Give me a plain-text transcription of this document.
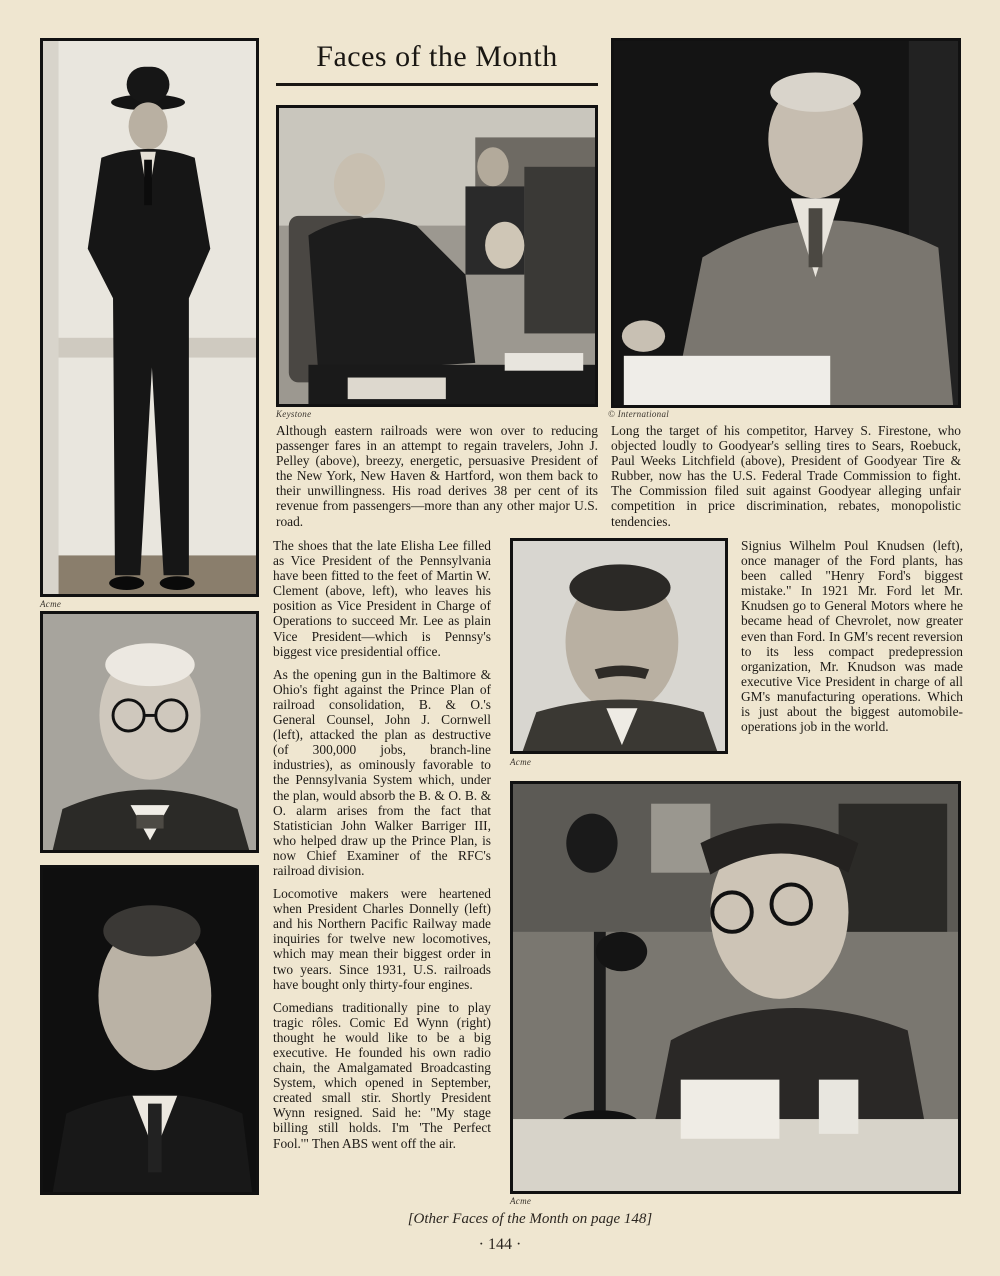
Faces of the Month
Acme
Keystone	© International
Acme
Acme

Although eastern railroads were won over to reducing passenger fares in an attempt to regain travelers, John J. Pelley (above), breezy, energetic, persuasive President of the New York, New Haven & Hartford, won them back to their unwillingness. His road derives 38 per cent of its revenue from passengers—more than any other major U.S. road.

Long the target of his competitor, Harvey S. Firestone, who objected loudly to Goodyear's selling tires to Sears, Roebuck, Paul Weeks Litchfield (above), President of Goodyear Tire & Rubber, now has the U.S. Federal Trade Commission to fight. The Commission filed suit against Goodyear alleging unfair competition in price discrimination, rebates, monopolistic tendencies.

The shoes that the late Elisha Lee filled as Vice President of the Pennsylvania have been fitted to the feet of Martin W. Clement (above, left), who leaves his position as Vice President in Charge of Operations to succeed Mr. Lee as plain Vice President—which is Pennsy's biggest vice presidential office.

As the opening gun in the Baltimore & Ohio's fight against the Prince Plan of railroad consolidation, B. & O.'s General Counsel, John J. Cornwell (left), attacked the plan as destructive (of 300,000 jobs, branch-line industries), as ominously favorable to the Pennsylvania System which, under the plan, would absorb the B. & O. B. & O. alarm arises from the fact that Statistician John Walker Barriger III, who helped draw up the Prince Plan, is now Chief Examiner of the RFC's railroad division.

Locomotive makers were heartened when President Charles Donnelly (left) and his Northern Pacific Railway made inquiries for twelve new locomotives, which may mean their biggest order in two years. Since 1931, U.S. railroads have bought only thirty-four engines.

Comedians traditionally pine to play tragic rôles. Comic Ed Wynn (right) thought he would like to be a big executive. He founded his own radio chain, the Amalgamated Broadcasting System, which opened in September, created small stir. Shortly President Wynn resigned. Said he: "My stage billing still holds. I'm 'The Perfect Fool.'" Then ABS went off the air.

Signius Wilhelm Poul Knudsen (left), once manager of the Ford plants, has been called "Henry Ford's biggest mistake." In 1921 Mr. Ford let Mr. Knudsen go to General Motors where he became head of Chevrolet, now greater even than Ford. In GM's recent reversion to its less compact predepression organization, Mr. Knudson was made executive Vice President in charge of all GM's manufacturing operations. Which is just about the biggest automobile-operations job in the world.

[Other Faces of the Month on page 148]
· 144 ·
